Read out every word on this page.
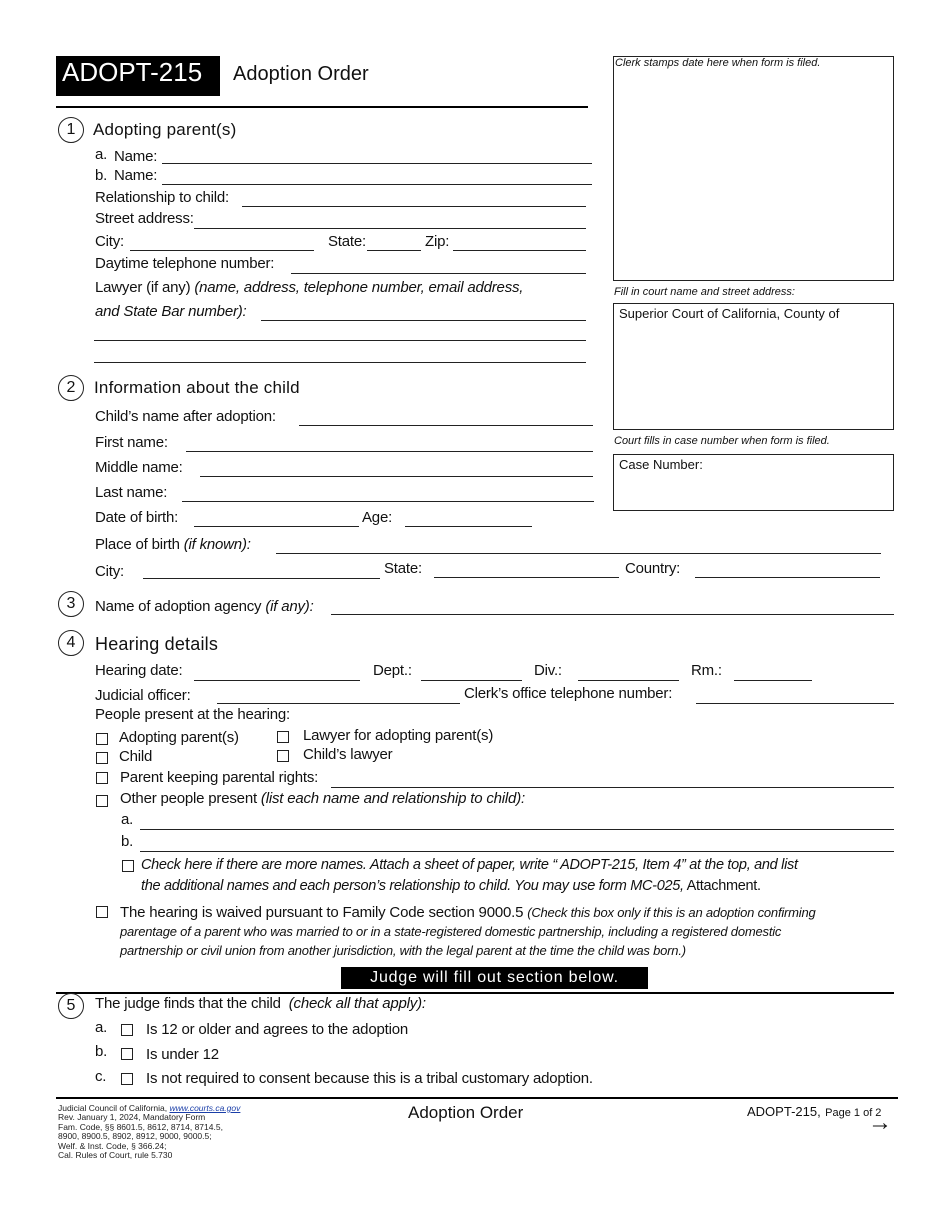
ADOPT-215 Adoption Order	Clerk stamps date here when form is filed.
Fill in court name and street address:
Superior Court of California, County of
Court fills in case number when form is filed.
Case Number:
1	Adopting parent(s)
a. Name:
b. Name:
Relationship to child:
Street address:
City:	State:	Zip:
Daytime telephone number:
Lawyer (if any) (name, address, telephone number, email address,
and State Bar number):
2	Information about the child
Child’s name after adoption:
First name:
Middle name:
Last name:
Date of birth:	Age:
Place of birth (if known):
City:	State:	Country:
3	Name of adoption agency (if any):
4	Hearing details
Hearing date:	Dept.:	Div.:	Rm.:
Judicial officer:	Clerk’s office telephone number:
People present at the hearing:
Adopting parent(s)	Lawyer for adopting parent(s)
Child	Child’s lawyer
Parent keeping parental rights:
Other people present (list each name and relationship to child):
a.
b.
Check here if there are more names. Attach a sheet of paper, write “ ADOPT-215, Item 4” at the top, and list
the additional names and each person’s relationship to child. You may use form MC-025, Attachment.
The hearing is waived pursuant to Family Code section 9000.5 (Check this box only if this is an adoption confirming
parentage of a parent who was married to or in a state-registered domestic partnership, including a registered domestic
partnership or civil union from another jurisdiction, with the legal parent at the time the child was born.)
Judge will fill out section below.
5	The judge finds that the child (check all that apply):
a.	Is 12 or older and agrees to the adoption
b.	Is under 12
c.	Is not required to consent because this is a tribal customary adoption.
Judicial Council of California, www.courts.ca.gov
Rev. January 1, 2024, Mandatory Form
Fam. Code, §§ 8601.5, 8612, 8714, 8714.5,
8900, 8900.5, 8902, 8912, 9000, 9000.5;
Welf. & Inst. Code, § 366.24;
Cal. Rules of Court, rule 5.730
Adoption Order	ADOPT-215, Page 1 of 2
→
